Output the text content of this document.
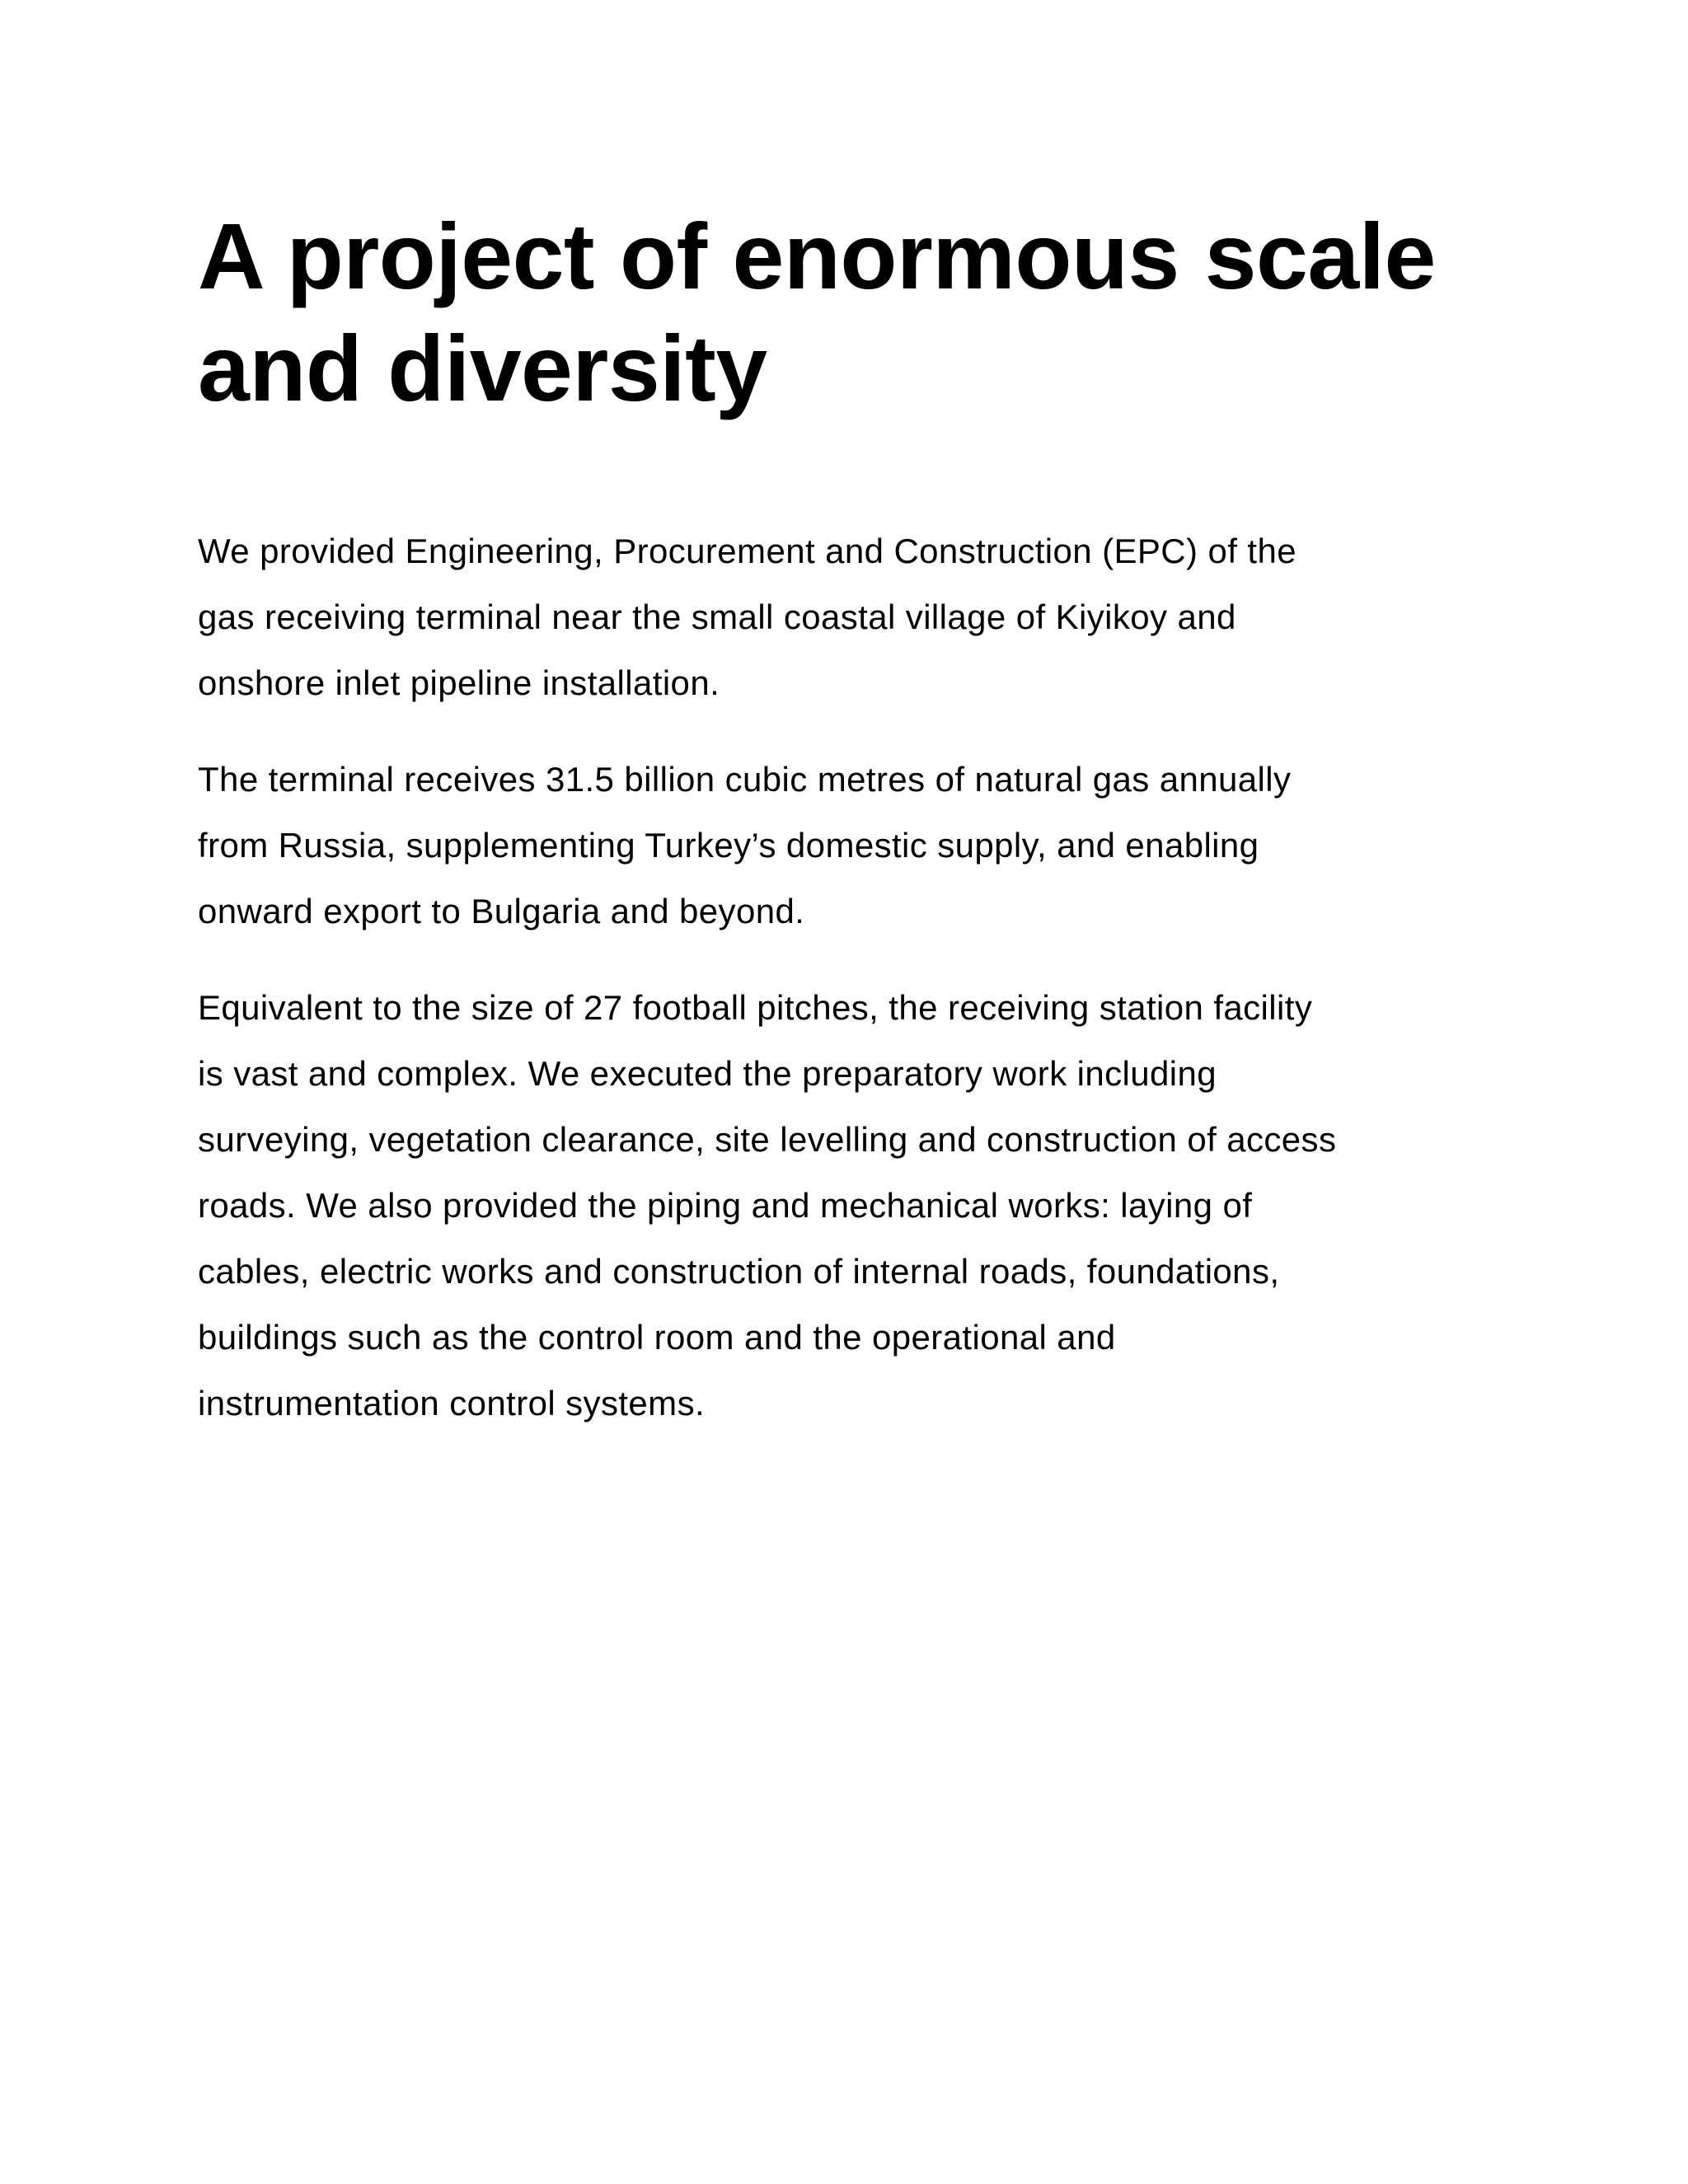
A project of enormous scale
and diversity

We provided Engineering, Procurement and Construction (EPC) of the
gas receiving terminal near the small coastal village of Kiyikoy and
onshore inlet pipeline installation.

The terminal receives 31.5 billion cubic metres of natural gas annually
from Russia, supplementing Turkey’s domestic supply, and enabling
onward export to Bulgaria and beyond.

Equivalent to the size of 27 football pitches, the receiving station facility
is vast and complex. We executed the preparatory work including
surveying, vegetation clearance, site levelling and construction of access
roads. We also provided the piping and mechanical works: laying of
cables, electric works and construction of internal roads, foundations,
buildings such as the control room and the operational and
instrumentation control systems.
